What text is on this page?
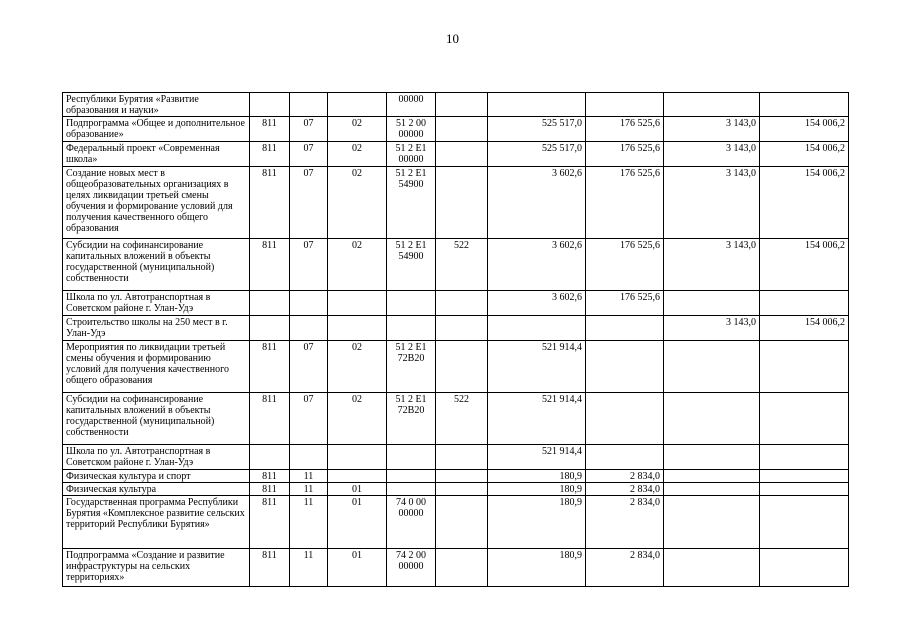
10
Республики Бурятия «Развитие образования и науки»				00000					
Подпрограмма «Общее и дополнительное образование»	811	07	02	51 2 00 00000		525 517,0	176 525,6	3 143,0	154 006,2
Федеральный проект «Современная школа»	811	07	02	51 2 E1 00000		525 517,0	176 525,6	3 143,0	154 006,2
Создание новых мест в общеобразовательных организациях в целях ликвидации третьей смены обучения и формирование условий для получения качественного общего образования	811	07	02	51 2 E1 54900		3 602,6	176 525,6	3 143,0	154 006,2
Субсидии на софинансирование капитальных вложений в объекты государственной (муниципальной) собственности	811	07	02	51 2 E1 54900	522	3 602,6	176 525,6	3 143,0	154 006,2
Школа по ул. Автотранспортная в Советском районе г. Улан-Удэ						3 602,6	176 525,6		
Строительство школы на 250 мест в г. Улан-Удэ								3 143,0	154 006,2
Мероприятия по ликвидации третьей смены обучения и формированию условий для получения качественного общего образования	811	07	02	51 2 E1 72B20		521 914,4			
Субсидии на софинансирование капитальных вложений в объекты государственной (муниципальной) собственности	811	07	02	51 2 E1 72B20	522	521 914,4			
Школа по ул. Автотранспортная в Советском районе г. Улан-Удэ						521 914,4			
Физическая культура и спорт	811	11				180,9	2 834,0		
Физическая культура	811	11	01			180,9	2 834,0		
Государственная программа Республики Бурятия «Комплексное развитие сельских территорий Республики Бурятия»	811	11	01	74 0 00 00000		180,9	2 834,0		
Подпрограмма «Создание и развитие инфраструктуры на сельских территориях»	811	11	01	74 2 00 00000		180,9	2 834,0		
